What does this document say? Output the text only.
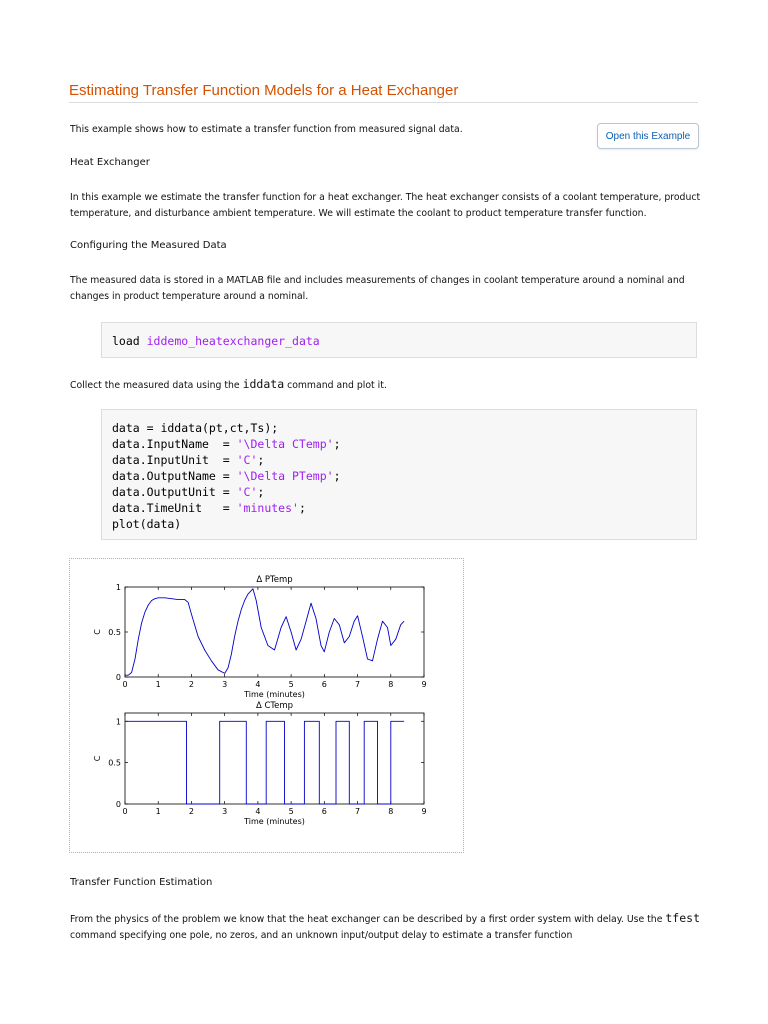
Estimating Transfer Function Models for a Heat Exchanger
This example shows how to estimate a transfer function from measured signal data.
Open this Example
Heat Exchanger
In this example we estimate the transfer function for a heat exchanger. The heat exchanger consists of a coolant temperature, product
temperature, and disturbance ambient temperature. We will estimate the coolant to product temperature transfer function.
Configuring the Measured Data
The measured data is stored in a MATLAB file and includes measurements of changes in coolant temperature around a nominal and
changes in product temperature around a nominal.
load iddemo_heatexchanger_data
Collect the measured data using the iddata command and plot it.
data = iddata(pt,ct,Ts);
data.InputName  = '\Delta CTemp';
data.InputUnit  = 'C';
data.OutputName = '\Delta PTemp';
data.OutputUnit = 'C';
data.TimeUnit   = 'minutes';
plot(data)
Δ PTemp
0	1	2	3	4	5	6	7	8	9
0
0.5
1
Time (minutes)
C
Δ CTemp
0	1	2	3	4	5	6	7	8	9
0
0.5
1
Time (minutes)
C
Transfer Function Estimation
From the physics of the problem we know that the heat exchanger can be described by a first order system with delay. Use the tfest
command specifying one pole, no zeros, and an unknown input/output delay to estimate a transfer function
